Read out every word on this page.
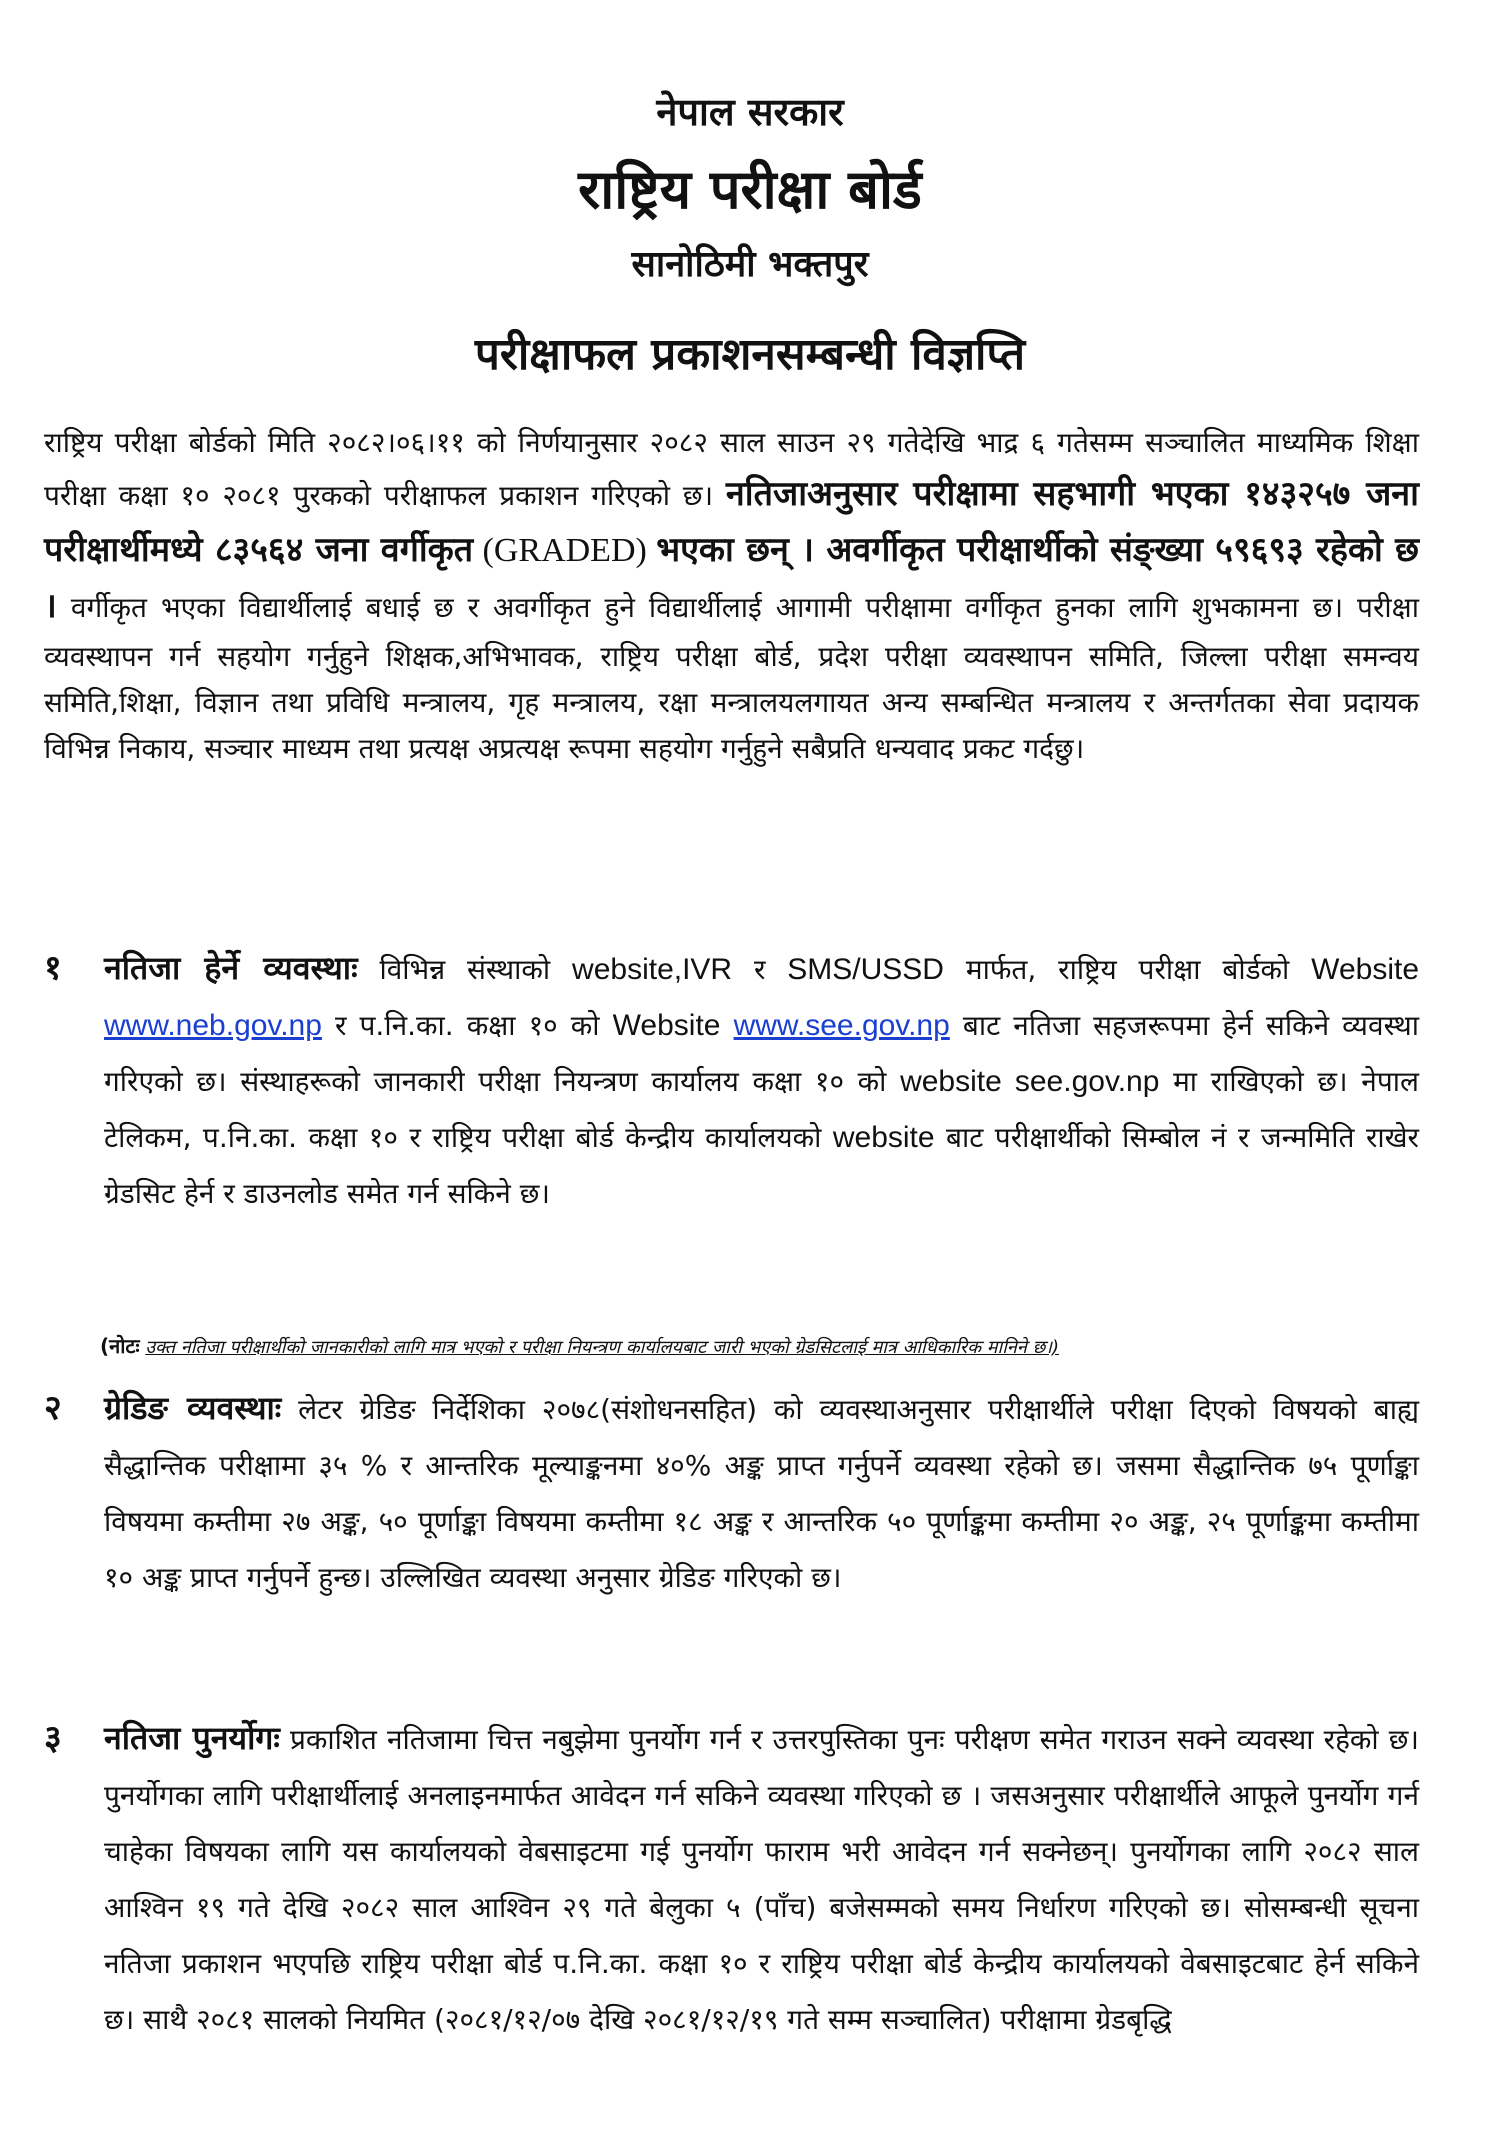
नेपाल सरकार
राष्ट्रिय परीक्षा बोर्ड
सानोठिमी भक्तपुर
परीक्षाफल प्रकाशनसम्बन्धी विज्ञप्ति
राष्ट्रिय परीक्षा बोर्डको मिति २०८२।०६।११ को निर्णयानुसार २०८२ साल साउन २९ गतेदेखि भाद्र ६ गतेसम्म सञ्चालित माध्यमिक शिक्षा परीक्षा कक्षा १० २०८१ पुरकको परीक्षाफल प्रकाशन गरिएको छ। नतिजाअनुसार परीक्षामा सहभागी भएका १४३२५७ जना परीक्षार्थीमध्ये ८३५६४ जना वर्गीकृत (GRADED) भएका छन् । अवर्गीकृत परीक्षार्थीको संङ्ख्या ५९६९३ रहेको छ । वर्गीकृत भएका विद्यार्थीलाई बधाई छ र अवर्गीकृत हुने विद्यार्थीलाई आगामी परीक्षामा वर्गीकृत हुनका लागि शुभकामना छ। परीक्षा व्यवस्थापन गर्न सहयोग गर्नुहुने शिक्षक,अभिभावक, राष्ट्रिय परीक्षा बोर्ड, प्रदेश परीक्षा व्यवस्थापन समिति, जिल्ला परीक्षा समन्वय समिति,शिक्षा, विज्ञान तथा प्रविधि मन्त्रालय, गृह मन्त्रालय, रक्षा मन्त्रालयलगायत अन्य सम्बन्धित मन्त्रालय र अन्तर्गतका सेवा प्रदायक विभिन्न निकाय, सञ्चार माध्यम तथा प्रत्यक्ष अप्रत्यक्ष रूपमा सहयोग गर्नुहुने सबैप्रति धन्यवाद प्रकट गर्दछु।
१ नतिजा हेर्ने व्यवस्थाः विभिन्न संस्थाको website,IVR र SMS/USSD मार्फत, राष्ट्रिय परीक्षा बोर्डको Website www.neb.gov.np र प.नि.का. कक्षा १० को Website www.see.gov.np बाट नतिजा सहजरूपमा हेर्न सकिने व्यवस्था गरिएको छ। संस्थाहरूको जानकारी परीक्षा नियन्त्रण कार्यालय कक्षा १० को website see.gov.np मा राखिएको छ। नेपाल टेलिकम, प.नि.का. कक्षा १० र राष्ट्रिय परीक्षा बोर्ड केन्द्रीय कार्यालयको website बाट परीक्षार्थीको सिम्बोल नं र जन्ममिति राखेर ग्रेडसिट हेर्न र डाउनलोड समेत गर्न सकिने छ।
(नोटः उक्त नतिजा परीक्षार्थीको जानकारीको लागि मात्र भएको र परीक्षा नियन्त्रण कार्यालयबाट जारी भएको ग्रेडसिटलाई मात्र आधिकारिक मानिने छ।)
२ ग्रेडिङ व्यवस्थाः लेटर ग्रेडिङ निर्देशिका २०७८(संशोधनसहित) को व्यवस्थाअनुसार परीक्षार्थीले परीक्षा दिएको विषयको बाह्य सैद्धान्तिक परीक्षामा ३५ % र आन्तरिक मूल्याङ्कनमा ४०% अङ्क प्राप्त गर्नुपर्ने व्यवस्था रहेको छ। जसमा सैद्धान्तिक ७५ पूर्णाङ्का विषयमा कम्तीमा २७ अङ्क, ५० पूर्णाङ्का विषयमा कम्तीमा १८ अङ्क र आन्तरिक ५० पूर्णाङ्कमा कम्तीमा २० अङ्क, २५ पूर्णाङ्कमा कम्तीमा १० अङ्क प्राप्त गर्नुपर्ने हुन्छ। उल्लिखित व्यवस्था अनुसार ग्रेडिङ गरिएको छ।
३ नतिजा पुनर्योगः प्रकाशित नतिजामा चित्त नबुझेमा पुनर्योग गर्न र उत्तरपुस्तिका पुनः परीक्षण समेत गराउन सक्ने व्यवस्था रहेको छ। पुनर्योगका लागि परीक्षार्थीलाई अनलाइनमार्फत आवेदन गर्न सकिने व्यवस्था गरिएको छ । जसअनुसार परीक्षार्थीले आफूले पुनर्योग गर्न चाहेका विषयका लागि यस कार्यालयको वेबसाइटमा गई पुनर्योग फाराम भरी आवेदन गर्न सक्नेछन्। पुनर्योगका लागि २०८२ साल आश्विन १९ गते देखि २०८२ साल आश्विन २९ गते बेलुका ५ (पाँच) बजेसम्मको समय निर्धारण गरिएको छ। सोसम्बन्धी सूचना नतिजा प्रकाशन भएपछि राष्ट्रिय परीक्षा बोर्ड प.नि.का. कक्षा १० र राष्ट्रिय परीक्षा बोर्ड केन्द्रीय कार्यालयको वेबसाइटबाट हेर्न सकिने छ। साथै २०८१ सालको नियमित (२०८१/१२/०७ देखि २०८१/१२/१९ गते सम्म सञ्चालित) परीक्षामा ग्रेडबृद्धि
